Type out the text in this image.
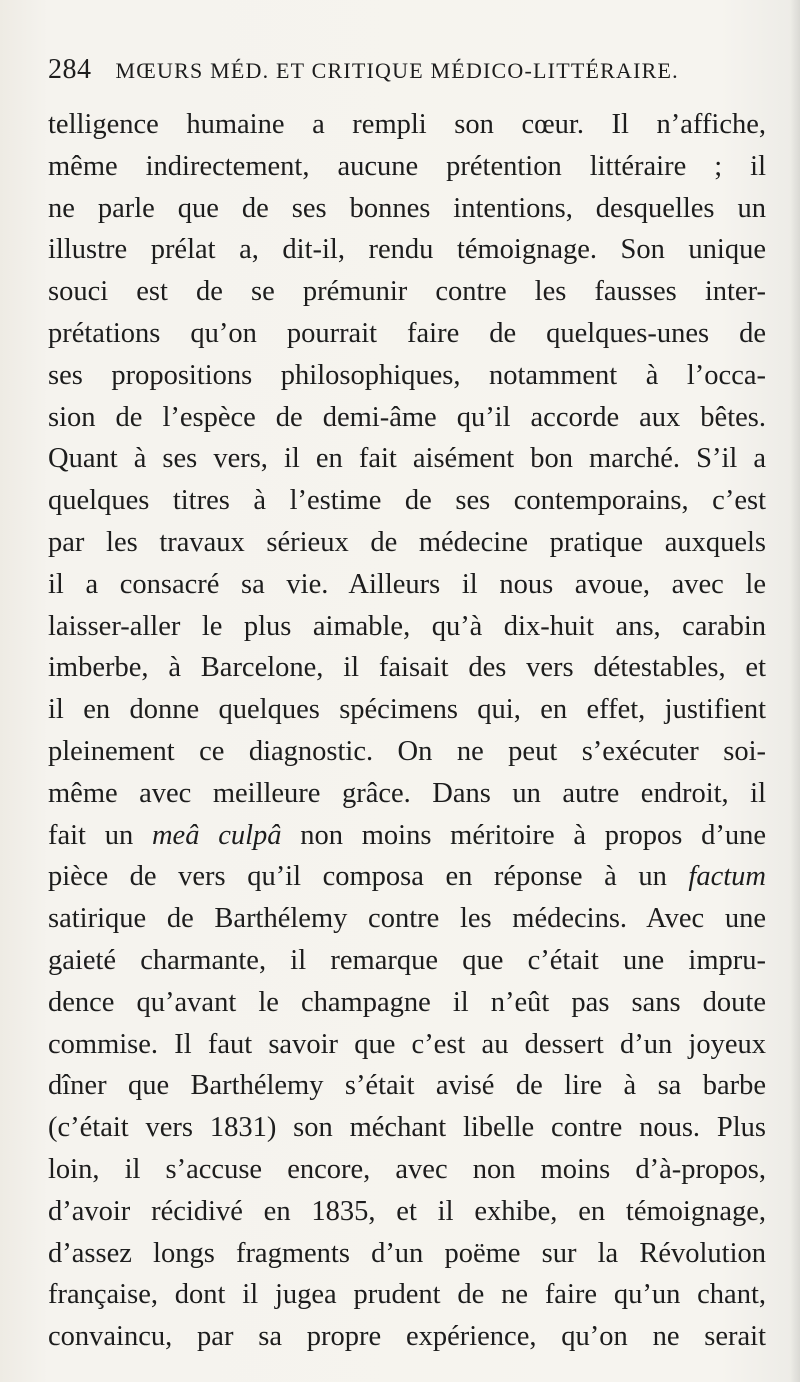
284 MŒURS MÉD. ET CRITIQUE MÉDICO-LITTÉRAIRE.
telligence humaine a rempli son cœur. Il n’affiche,
même indirectement, aucune prétention littéraire ; il
ne parle que de ses bonnes intentions, desquelles un
illustre prélat a, dit-il, rendu témoignage. Son unique
souci est de se prémunir contre les fausses inter-
prétations qu’on pourrait faire de quelques-unes de
ses propositions philosophiques, notamment à l’occa-
sion de l’espèce de demi-âme qu’il accorde aux bêtes.
Quant à ses vers, il en fait aisément bon marché. S’il a
quelques titres à l’estime de ses contemporains, c’est
par les travaux sérieux de médecine pratique auxquels
il a consacré sa vie. Ailleurs il nous avoue, avec le
laisser-aller le plus aimable, qu’à dix-huit ans, carabin
imberbe, à Barcelone, il faisait des vers détestables, et
il en donne quelques spécimens qui, en effet, justifient
pleinement ce diagnostic. On ne peut s’exécuter soi-
même avec meilleure grâce. Dans un autre endroit, il
fait un meâ culpâ non moins méritoire à propos d’une
pièce de vers qu’il composa en réponse à un factum
satirique de Barthélemy contre les médecins. Avec une
gaieté charmante, il remarque que c’était une impru-
dence qu’avant le champagne il n’eût pas sans doute
commise. Il faut savoir que c’est au dessert d’un joyeux
dîner que Barthélemy s’était avisé de lire à sa barbe
(c’était vers 1831) son méchant libelle contre nous. Plus
loin, il s’accuse encore, avec non moins d’à-propos,
d’avoir récidivé en 1835, et il exhibe, en témoignage,
d’assez longs fragments d’un poëme sur la Révolution
française, dont il jugea prudent de ne faire qu’un chant,
convaincu, par sa propre expérience, qu’on ne serait
